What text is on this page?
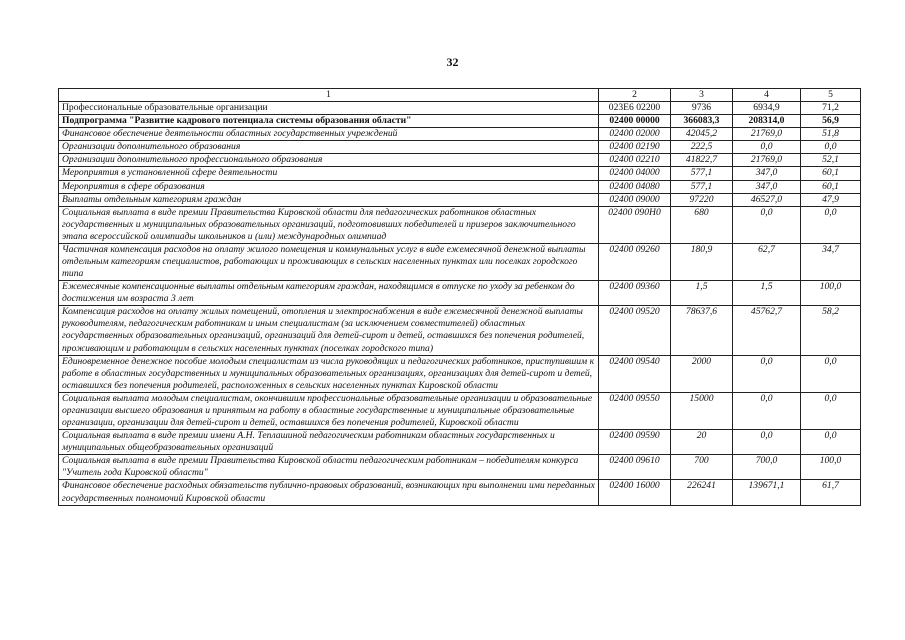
32
1	2	3	4	5
Профессиональные образовательные организации	023E6 02200	9736	6934,9	71,2
Подпрограмма "Развитие кадрового потенциала системы образования области"	02400 00000	366083,3	208314,0	56,9
Финансовое обеспечение деятельности областных государственных учреждений	02400 02000	42045,2	21769,0	51,8
Организации дополнительного образования	02400 02190	222,5	0,0	0,0
Организации дополнительного профессионального образования	02400 02210	41822,7	21769,0	52,1
Мероприятия в установленной сфере деятельности	02400 04000	577,1	347,0	60,1
Мероприятия в сфере образования	02400 04080	577,1	347,0	60,1
Выплаты отдельным категориям граждан	02400 09000	97220	46527,0	47,9
Социальная выплата в виде премии Правительства Кировской области для педагогических работников областных государственных и муниципальных образовательных организаций, подготовивших победителей и призеров заключительного этапа всероссийской олимпиады школьников и (или) международных олимпиад	02400 090Н0	680	0,0	0,0
Частичная компенсация расходов на оплату жилого помещения и коммунальных услуг в виде ежемесячной денежной выплаты отдельным категориям специалистов, работающих и проживающих в сельских населенных пунктах или поселках городского типа	02400 09260	180,9	62,7	34,7
Ежемесячные компенсационные выплаты отдельным категориям граждан, находящимся в отпуске по уходу за ребенком до достижения им возраста 3 лет	02400 09360	1,5	1,5	100,0
Компенсация расходов на оплату жилых помещений, отопления и электроснабжения в виде ежемесячной денежной выплаты руководителям, педагогическим работникам и иным специалистам (за исключением совместителей) областных государственных образовательных организаций, организаций для детей-сирот и детей, оставшихся без попечения родителей, проживающим и работающим в сельских населенных пунктах (поселках городского типа)	02400 09520	78637,6	45762,7	58,2
Единовременное денежное пособие молодым специалистам из числа руководящих и педагогических работников, приступившим к работе в областных государственных и муниципальных образовательных организациях, организациях для детей-сирот и детей, оставшихся без попечения родителей, расположенных в сельских населенных пунктах Кировской области	02400 09540	2000	0,0	0,0
Социальная выплата молодым специалистам, окончившим профессиональные образовательные организации и образовательные организации высшего образования и принятым на работу в областные государственные и муниципальные образовательные организации, организации для детей-сирот и детей, оставшихся без попечения родителей, Кировской области	02400 09550	15000	0,0	0,0
Социальная выплата в виде премии имени А.Н. Теплашиной педагогическим работникам областных государственных и муниципальных общеобразовательных организаций	02400 09590	20	0,0	0,0
Социальная выплата в виде премии Правительства Кировской области педагогическим работникам – победителям конкурса "Учитель года Кировской области"	02400 09610	700	700,0	100,0
Финансовое обеспечение расходных обязательств публично-правовых образований, возникающих при выполнении ими переданных государственных полномочий Кировской области	02400 16000	226241	139671,1	61,7
